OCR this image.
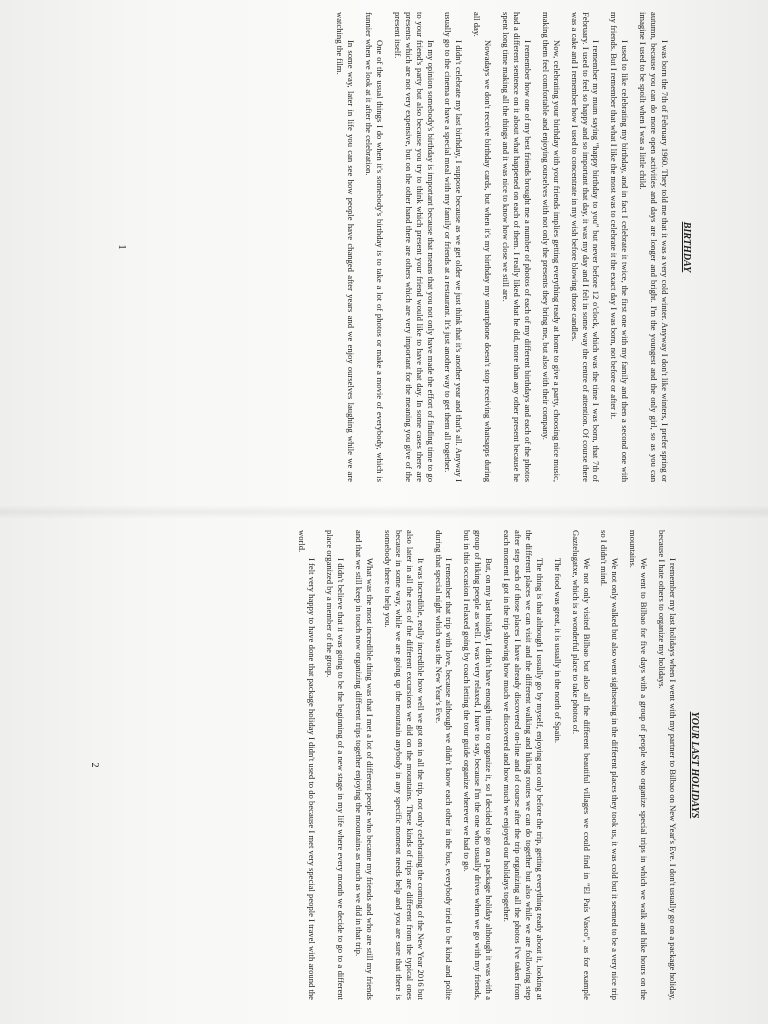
BIRTHDAY

I was born the 7th of February 1960. They told me that it was a very cold winter. Anyway I don't like winters, I prefer spring or autumn, because you can do more open activities and days are longer and bright. I'm the youngest and the only girl, so as you can imagine I used to be spoilt when I was a little child.

I used to like celebrating my birthday, and in fact I celebrate it twice, the first one with my family and then a second one with my friends. But I remember that what I like the most was to celebrate it the exact day I was born, not before or after it.

I remember my mum saying "happy birthday to you" but never before 12 o'clock, which was the time I was born, that 7th of February. I used to feel so happy and so important that day, it was my day and I felt in some way the centre of attention. Of course there was a cake and I remember how I used to concentrate in my wish before blowing those candles.

Now, celebrating your birthday with your friends implies getting everything ready at home to give a party, choosing nice music, making them feel comfortable and enjoying ourselves with not only the presents they bring me, but also with their company.

I remember how one of my best friends brought me a number of photos of each of my different birthdays and each of the photos had a different sentence on it about what happened on each of them. I really liked what he did, more than any other present because he spent long time making all the things and it was nice to know how close we still are.

Nowadays we don't receive birthday cards, but when it's my birthday my smartphone doesn't stop receiving whatsapps during all day.

I didn't celebrate my last birthday, I suppose because as we get older we just think that it's another year and that's all. Anyway I usually go to the cinema or have a special meal with my family or friends at a restaurant. It's just another way to get them all together.

In my opinion somebody's birthday is important because that means that you not only have made the effort of finding time to go to your friend's party but also because you try to think which present your friend would like to have that day. In some cases there are presents which are not very expensive, but on the other hand there are others which are very important for the meaning you give of the present itself.

One of the usual things I do when it's somebody's birthday is to take a lot of photos or make a movie of everybody, which is funnier when we look at it after the celebration.

In some way, later in life you can see how people have changed after years and we enjoy ourselves laughing while we are watching the film.

1
YOUR LAST HOLIDAYS

I remember my last holidays when I went with my partner to Bilbao on New Year's Eve. I don't usually go on a package holiday, because I hate others to organize my holidays.

We went to Bilbao for five days with a group of people who organize special trips in which we walk and hike hours on the mountains.

We not only walked but also went sightseeing in the different places they took us, it was cold but it seemed to be a very nice trip so I didn't mind.

We not only visited Bilbao but also all the different beautiful villages we could find in "El País Vasco", as for example Gaztelugatxe, which is a wonderful place to take photos of.

The food was great, it is usually in the north of Spain.

The thing is that although I usually go by myself, enjoying not only before the trip, getting everything ready about it, looking at the different places we can visit and the different walking and hiking routes we can do together but also while we are following step after step each of those places I have already discovered on-line and of course after the trip organizing all the photos I've taken from each moment I got in the trip showing how much we discovered and how much we enjoyed our holidays together.

But, on my last holiday, I didn't have enough time to organize it, so I decided to go on a package holiday although it was with a group of hiking people as well. I was very relaxed, I have to say, because I'm the one who usually drives when we go with my friends, but in this occasion I relaxed going by coach letting the tour guide organize wherever we had to go.

I remember that trip with love, because although we didn't know each other in the bus, everybody tried to be kind and polite during that special night which was the New Year's Eve.

It was incredible, really incredible how well we got on in all the trip, not only celebrating the coming of the New Year 2016 but also later in all the rest of the different excursions we did on the mountains. These kinds of trips are different from the typical ones because in some way, while we are going up the mountain anybody in any specific moment needs help and you are sure that there is somebody there to help you.

What was the most incredible thing was that I met a lot of different people who became my friends and who are still my friends and that we still keep in touch now organizing different trips together enjoying the mountains as much as we did in that trip.

I didn't believe that it was going to be the beginning of a new stage in my life where every month we decide to go to a different place organized by a member of the group.

I felt very happy to have done that package holiday I didn't used to do because I met very special people I travel with around the world.

2
